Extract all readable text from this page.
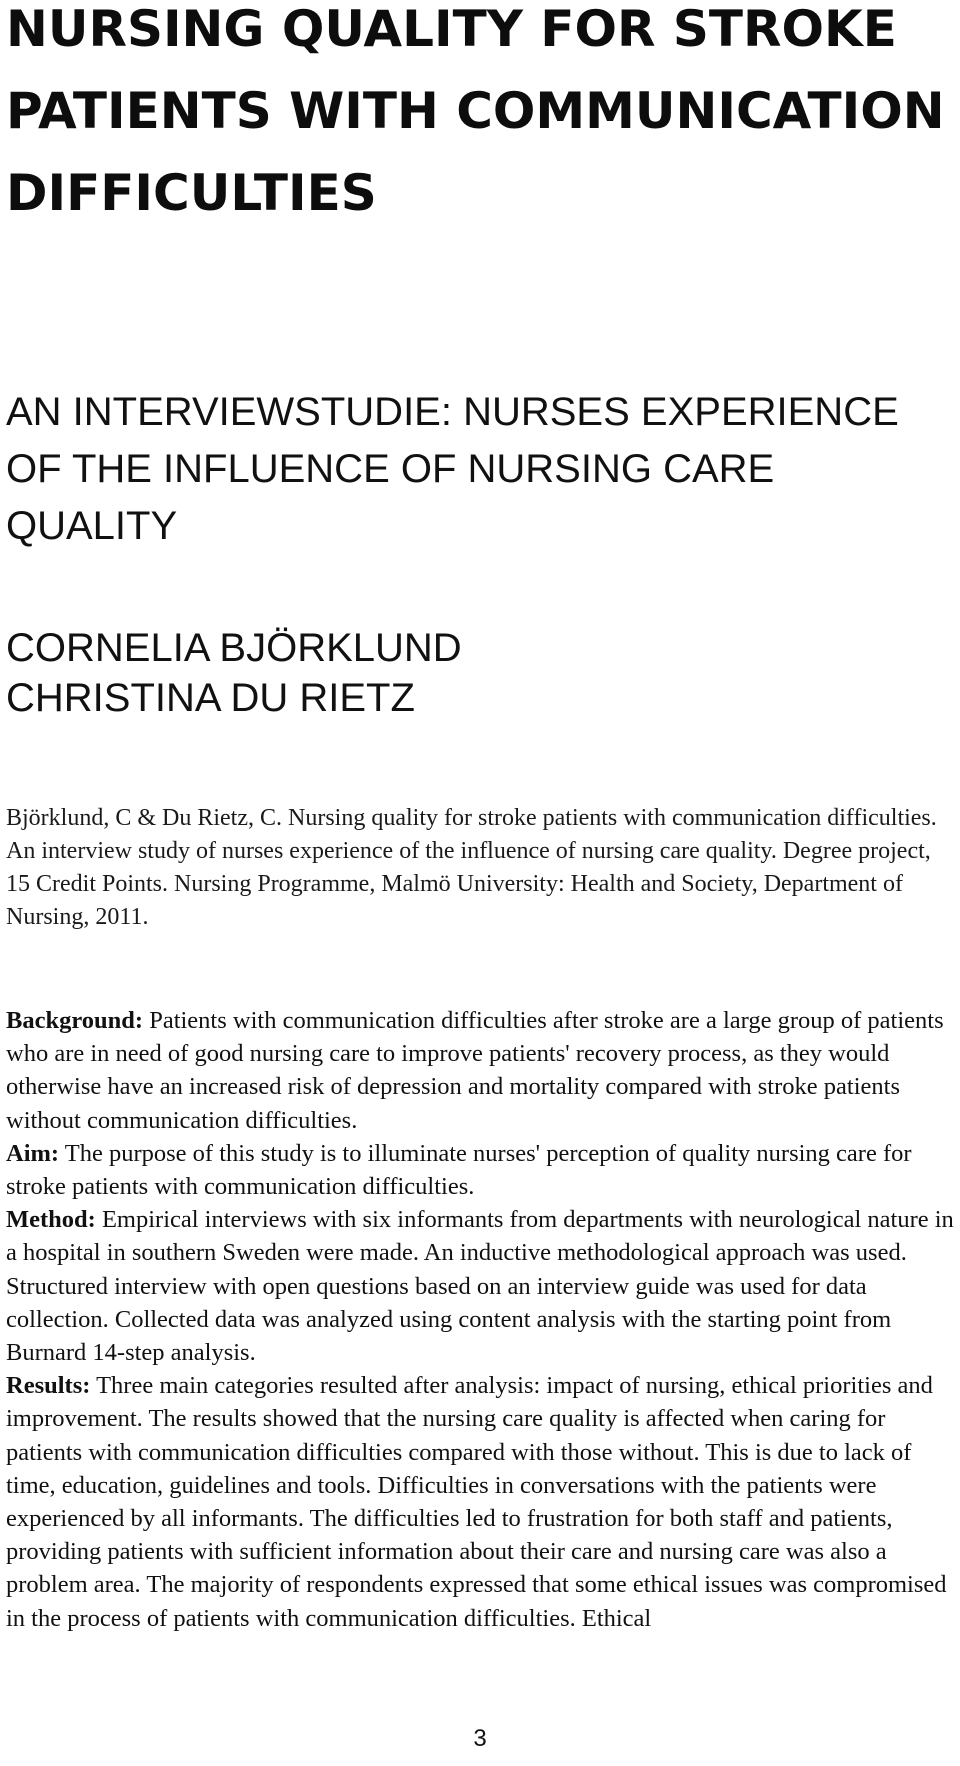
NURSING QUALITY FOR STROKE PATIENTS WITH COMMUNICATION DIFFICULTIES
AN INTERVIEWSTUDIE: NURSES EXPERIENCE OF THE INFLUENCE OF NURSING CARE QUALITY
CORNELIA BJÖRKLUND
CHRISTINA DU RIETZ

Björklund, C & Du Rietz, C. Nursing quality for stroke patients with communication difficulties. An interview study of nurses experience of the influence of nursing care quality. Degree project, 15 Credit Points. Nursing Programme, Malmö University: Health and Society, Department of Nursing, 2011.

Background: Patients with communication difficulties after stroke are a large group of patients who are in need of good nursing care to improve patients' recovery process, as they would otherwise have an increased risk of depression and mortality compared with stroke patients without communication difficulties.
Aim: The purpose of this study is to illuminate nurses' perception of quality nursing care for stroke patients with communication difficulties.
Method: Empirical interviews with six informants from departments with neurological nature in a hospital in southern Sweden were made. An inductive methodological approach was used. Structured interview with open questions based on an interview guide was used for data collection. Collected data was analyzed using content analysis with the starting point from Burnard 14-step analysis.
Results: Three main categories resulted after analysis: impact of nursing, ethical priorities and improvement. The results showed that the nursing care quality is affected when caring for patients with communication difficulties compared with those without. This is due to lack of time, education, guidelines and tools. Difficulties in conversations with the patients were experienced by all informants. The difficulties led to frustration for both staff and patients, providing patients with sufficient information about their care and nursing care was also a problem area. The majority of respondents expressed that some ethical issues was compromised in the process of patients with communication difficulties. Ethical

3
